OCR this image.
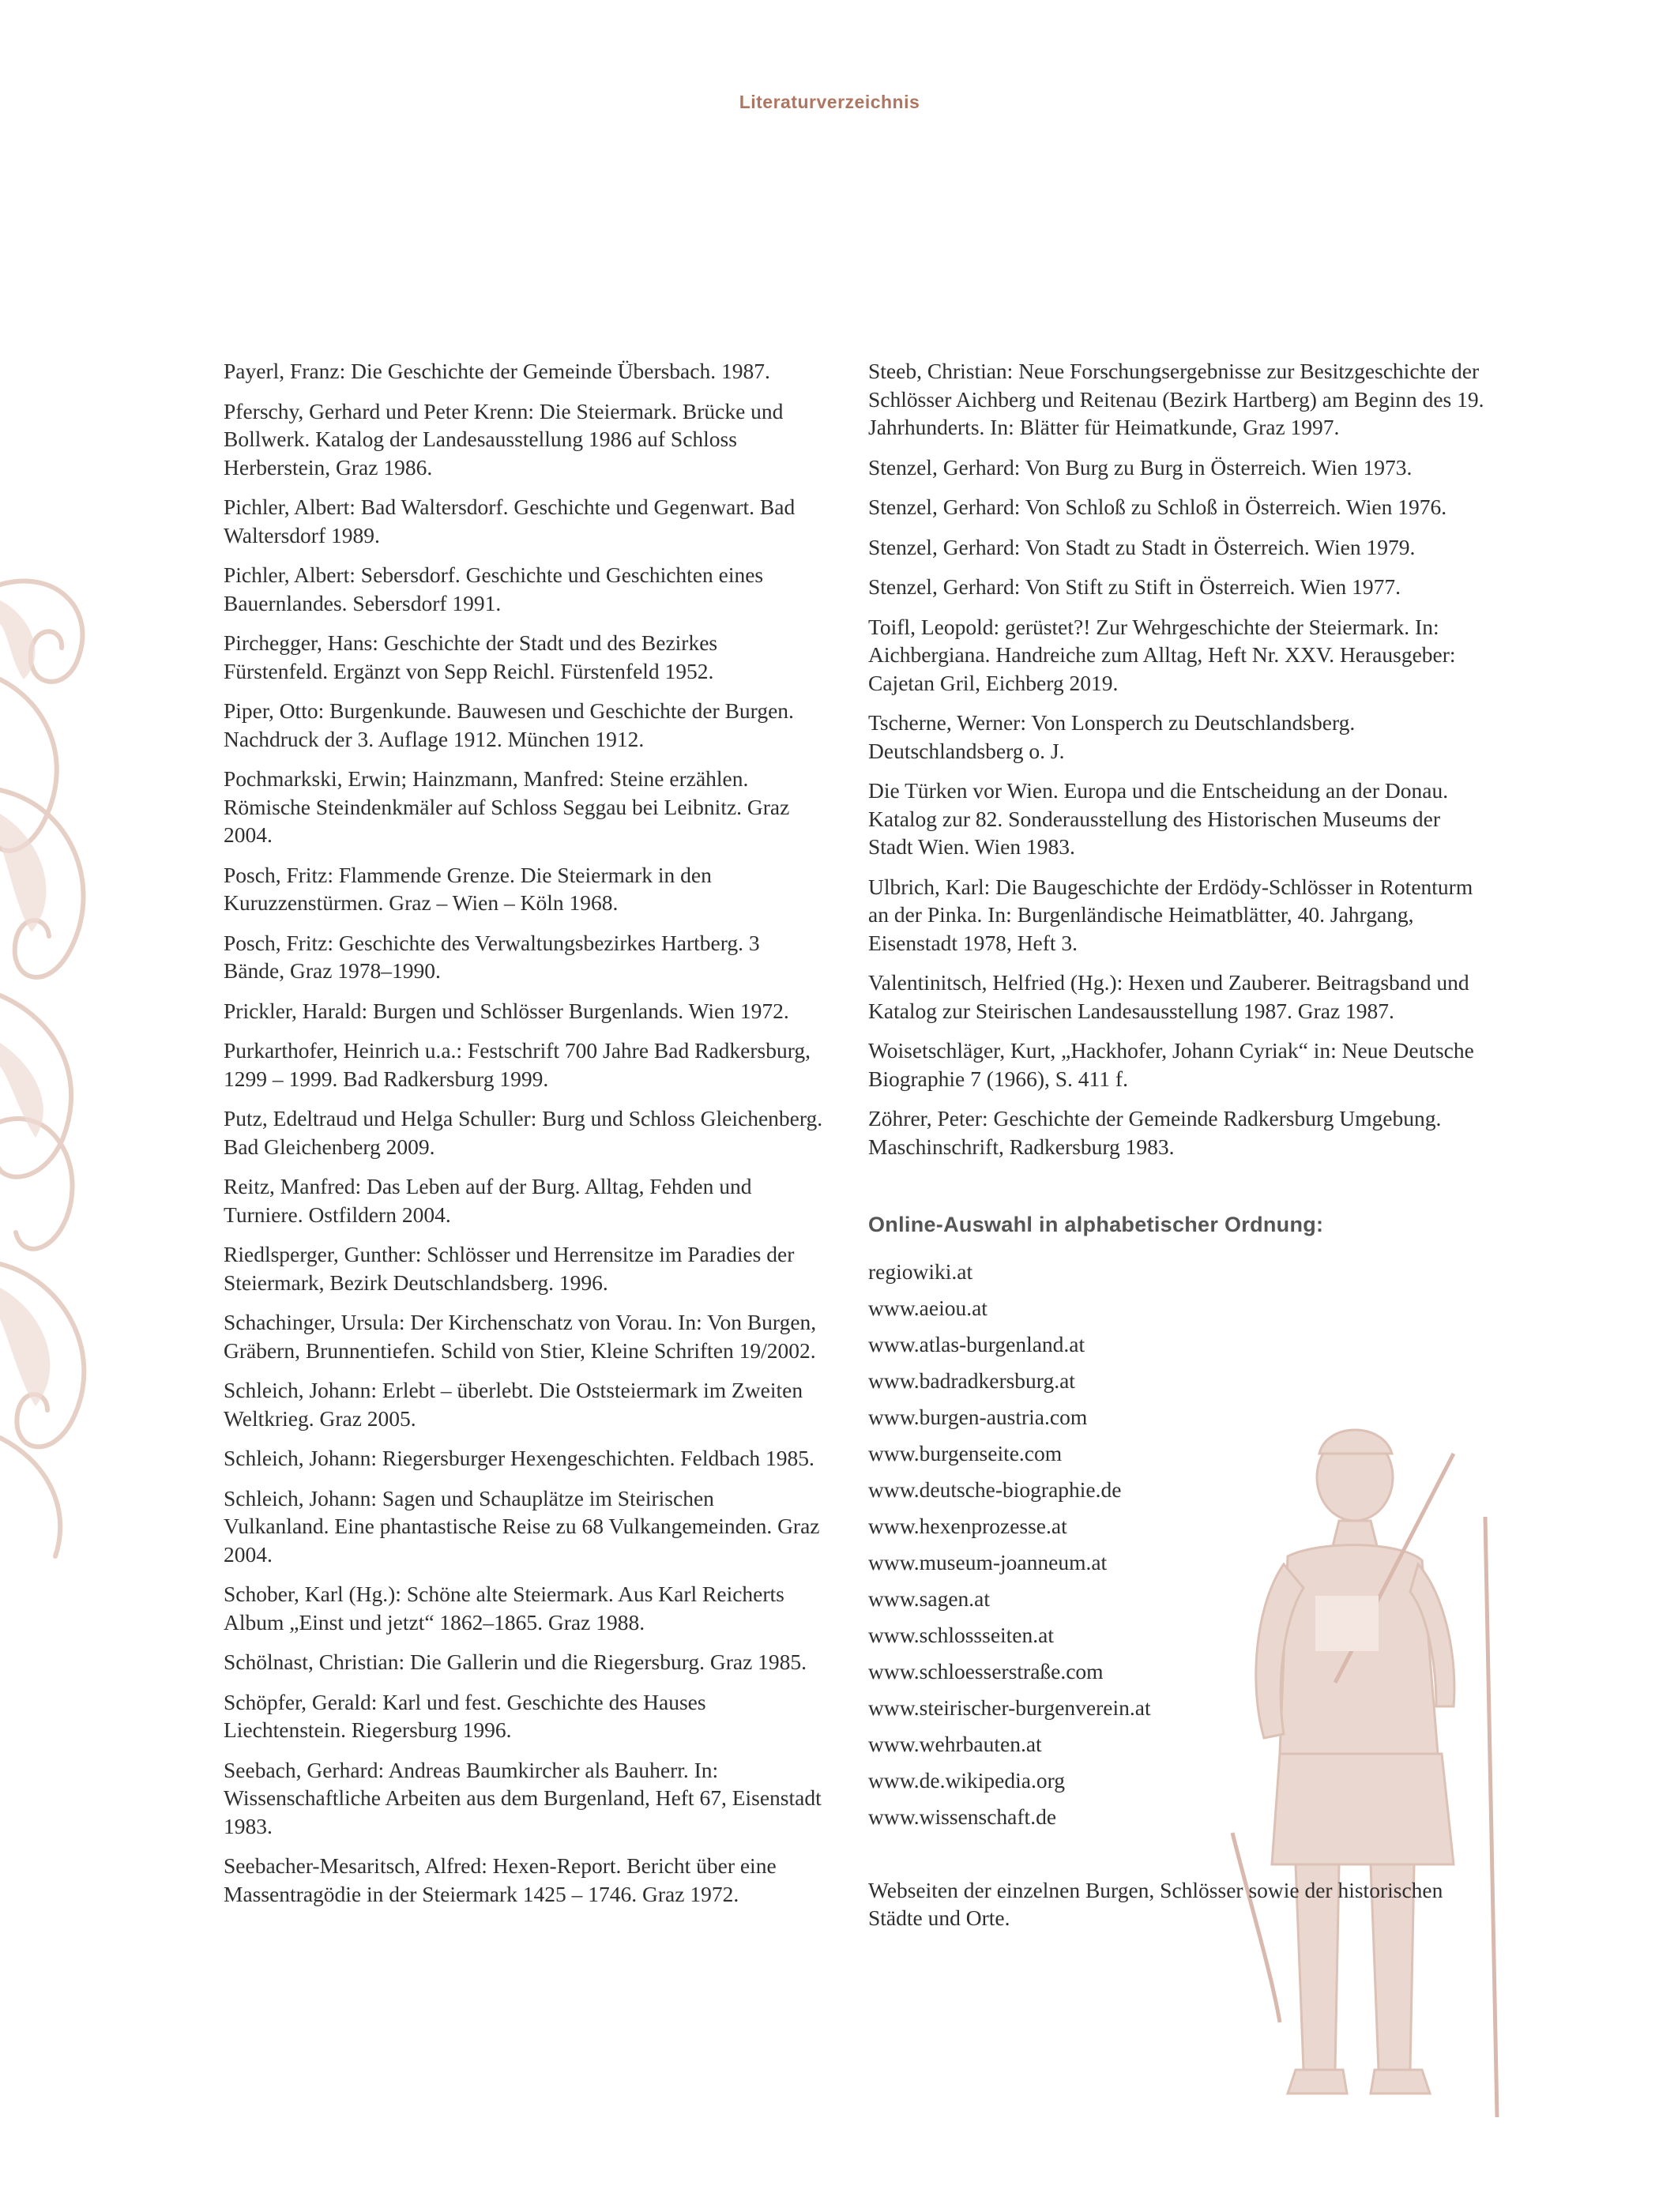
Literaturverzeichnis

Payerl, Franz: Die Geschichte der Gemeinde Übersbach. 1987.

Pferschy, Gerhard und Peter Krenn: Die Steiermark. Brücke und Bollwerk. Katalog der Landesausstellung 1986 auf Schloss Herberstein, Graz 1986.

Pichler, Albert: Bad Waltersdorf. Geschichte und Gegenwart. Bad Waltersdorf 1989.

Pichler, Albert: Sebersdorf. Geschichte und Geschichten eines Bauernlandes. Sebersdorf 1991.

Pirchegger, Hans: Geschichte der Stadt und des Bezirkes Fürstenfeld. Ergänzt von Sepp Reichl. Fürstenfeld 1952.

Piper, Otto: Burgenkunde. Bauwesen und Geschichte der Burgen. Nachdruck der 3. Auflage 1912. München 1912.

Pochmarkski, Erwin; Hainzmann, Manfred: Steine erzählen. Römische Steindenkmäler auf Schloss Seggau bei Leibnitz. Graz 2004.

Posch, Fritz: Flammende Grenze. Die Steiermark in den Kuruzzenstürmen. Graz – Wien – Köln 1968.

Posch, Fritz: Geschichte des Verwaltungsbezirkes Hartberg. 3 Bände, Graz 1978–1990.

Prickler, Harald: Burgen und Schlösser Burgenlands. Wien 1972.

Purkarthofer, Heinrich u.a.: Festschrift 700 Jahre Bad Radkersburg, 1299 – 1999. Bad Radkersburg 1999.

Putz, Edeltraud und Helga Schuller: Burg und Schloss Gleichenberg. Bad Gleichenberg 2009.

Reitz, Manfred: Das Leben auf der Burg. Alltag, Fehden und Turniere. Ostfildern 2004.

Riedlsperger, Gunther: Schlösser und Herrensitze im Paradies der Steiermark, Bezirk Deutschlandsberg. 1996.

Schachinger, Ursula: Der Kirchenschatz von Vorau. In: Von Burgen, Gräbern, Brunnentiefen. Schild von Stier, Kleine Schriften 19/2002.

Schleich, Johann: Erlebt – überlebt. Die Oststeiermark im Zweiten Weltkrieg. Graz 2005.

Schleich, Johann: Riegersburger Hexengeschichten. Feldbach 1985.

Schleich, Johann: Sagen und Schauplätze im Steirischen Vulkanland. Eine phantastische Reise zu 68 Vulkangemeinden. Graz 2004.

Schober, Karl (Hg.): Schöne alte Steiermark. Aus Karl Reicherts Album „Einst und jetzt“ 1862–1865. Graz 1988.

Schölnast, Christian: Die Gallerin und die Riegersburg. Graz 1985.

Schöpfer, Gerald: Karl und fest. Geschichte des Hauses Liechtenstein. Riegersburg 1996.

Seebach, Gerhard: Andreas Baumkircher als Bauherr. In: Wissenschaftliche Arbeiten aus dem Burgenland, Heft 67, Eisenstadt 1983.

Seebacher-Mesaritsch, Alfred: Hexen-Report. Bericht über eine Massentragödie in der Steiermark 1425 – 1746. Graz 1972.

Steeb, Christian: Neue Forschungsergebnisse zur Besitzgeschichte der Schlösser Aichberg und Reitenau (Bezirk Hartberg) am Beginn des 19. Jahrhunderts. In: Blätter für Heimatkunde, Graz 1997.

Stenzel, Gerhard: Von Burg zu Burg in Österreich. Wien 1973.

Stenzel, Gerhard: Von Schloß zu Schloß in Österreich. Wien 1976.

Stenzel, Gerhard: Von Stadt zu Stadt in Österreich. Wien 1979.

Stenzel, Gerhard: Von Stift zu Stift in Österreich. Wien 1977.

Toifl, Leopold: gerüstet?! Zur Wehrgeschichte der Steiermark. In: Aichbergiana. Handreiche zum Alltag, Heft Nr. XXV. Herausgeber: Cajetan Gril, Eichberg 2019.

Tscherne, Werner: Von Lonsperch zu Deutschlandsberg. Deutschlandsberg o. J.

Die Türken vor Wien. Europa und die Entscheidung an der Donau. Katalog zur 82. Sonderausstellung des Historischen Museums der Stadt Wien. Wien 1983.

Ulbrich, Karl: Die Baugeschichte der Erdödy-Schlösser in Rotenturm an der Pinka. In: Burgenländische Heimatblätter, 40. Jahrgang, Eisenstadt 1978, Heft 3.

Valentinitsch, Helfried (Hg.): Hexen und Zauberer. Beitragsband und Katalog zur Steirischen Landesausstellung 1987. Graz 1987.

Woisetschläger, Kurt, „Hackhofer, Johann Cyriak“ in: Neue Deutsche Biographie 7 (1966), S. 411 f.

Zöhrer, Peter: Geschichte der Gemeinde Radkersburg Umgebung. Maschinschrift, Radkersburg 1983.

Online-Auswahl in alphabetischer Ordnung:
regiowiki.at
www.aeiou.at
www.atlas-burgenland.at
www.badradkersburg.at
www.burgen-austria.com
www.burgenseite.com
www.deutsche-biographie.de
www.hexenprozesse.at
www.museum-joanneum.at
www.sagen.at
www.schlossseiten.at
www.schloesserstraße.com
www.steirischer-burgenverein.at
www.wehrbauten.at
www.de.wikipedia.org
www.wissenschaft.de

Webseiten der einzelnen Burgen, Schlösser sowie der historischen Städte und Orte.
